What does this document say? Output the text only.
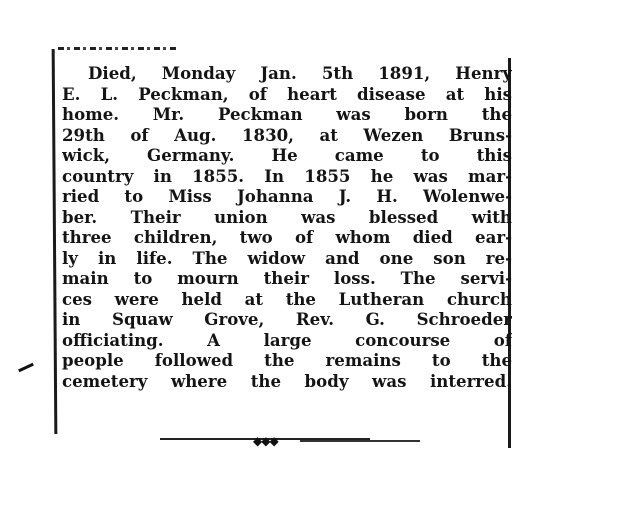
Died, Monday Jan. 5th 1891, Henry
E. L. Peckman, of heart disease at his
home. Mr. Peckman was born the
29th of Aug. 1830, at Wezen Bruns-
wick, Germany. He came to this
country in 1855. In 1855 he was mar-
ried to Miss Johanna J. H. Wolenwe-
ber. Their union was blessed with
three children, two of whom died ear-
ly in life. The widow and one son re-
main to mourn their loss. The servi-
ces were held at the Lutheran church
in Squaw Grove, Rev. G. Schroeder
officiating. A large concourse of
people followed the remains to the
cemetery where the body was interred.
◆◆◆
